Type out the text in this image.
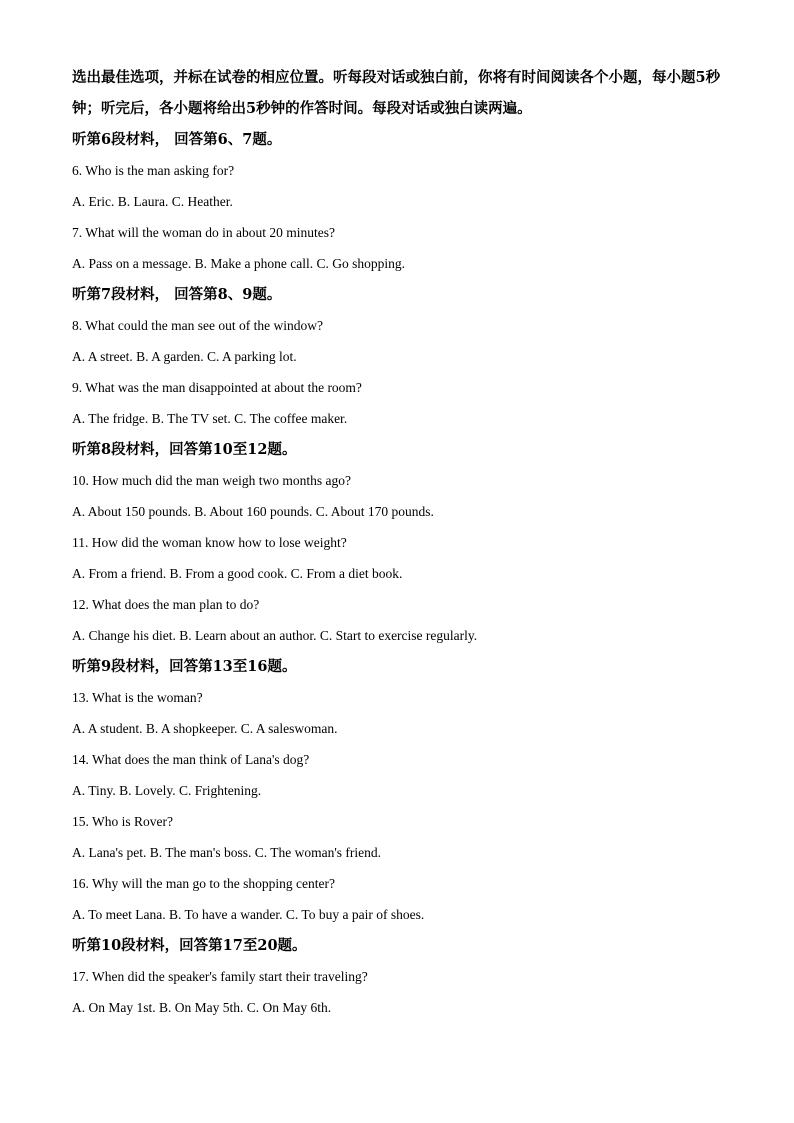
选出最佳选项，并标在试卷的相应位置。听每段对话或独白前，你将有时间阅读各个小题，每小题5秒钟；听完后，各小题将给出5秒钟的作答时间。每段对话或独白读两遍。

听第6段材料， 回答第6、7题。

6. Who is the man asking for?

A. Eric. B. Laura. C. Heather.

7. What will the woman do in about 20 minutes?

A. Pass on a message. B. Make a phone call. C. Go shopping.

听第7段材料， 回答第8、9题。

8. What could the man see out of the window?

A. A street. B. A garden. C. A parking lot.

9. What was the man disappointed at about the room?

A. The fridge. B. The TV set. C. The coffee maker.

听第8段材料，回答第10至12题。

10. How much did the man weigh two months ago?

A. About 150 pounds. B. About 160 pounds. C. About 170 pounds.

11. How did the woman know how to lose weight?

A. From a friend. B. From a good cook. C. From a diet book.

12. What does the man plan to do?

A. Change his diet. B. Learn about an author. C. Start to exercise regularly.

听第9段材料，回答第13至16题。

13. What is the woman?

A. A student. B. A shopkeeper. C. A saleswoman.

14. What does the man think of Lana's dog?

A. Tiny. B. Lovely. C. Frightening.

15. Who is Rover?

A. Lana's pet. B. The man's boss. C. The woman's friend.

16. Why will the man go to the shopping center?

A. To meet Lana. B. To have a wander. C. To buy a pair of shoes.

听第10段材料，回答第17至20题。

17. When did the speaker's family start their traveling?

A. On May 1st. B. On May 5th. C. On May 6th.
